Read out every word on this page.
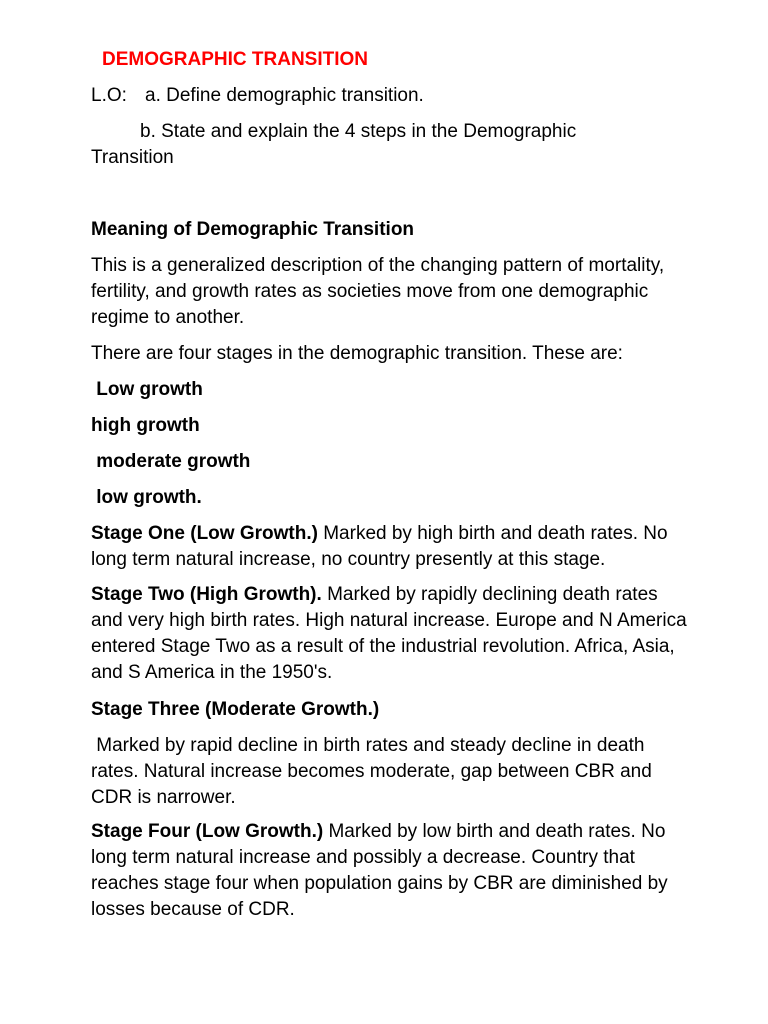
DEMOGRAPHIC TRANSITION

L.O: a. Define demographic transition.

b. State and explain the 4 steps in the Demographic
Transition

Meaning of Demographic Transition

This is a generalized description of the changing pattern of mortality, fertility, and growth rates as societies move from one demographic regime to another.

There are four stages in the demographic transition. These are:

Low growth

high growth

moderate growth

low growth.

Stage One (Low Growth.) Marked by high birth and death rates. No long term natural increase, no country presently at this stage.

Stage Two (High Growth). Marked by rapidly declining death rates and very high birth rates. High natural increase. Europe and N America entered Stage Two as a result of the industrial revolution. Africa, Asia, and S America in the 1950's.

Stage Three (Moderate Growth.)

Marked by rapid decline in birth rates and steady decline in death rates. Natural increase becomes moderate, gap between CBR and CDR is narrower.

Stage Four (Low Growth.) Marked by low birth and death rates. No long term natural increase and possibly a decrease. Country that reaches stage four when population gains by CBR are diminished by losses because of CDR.
